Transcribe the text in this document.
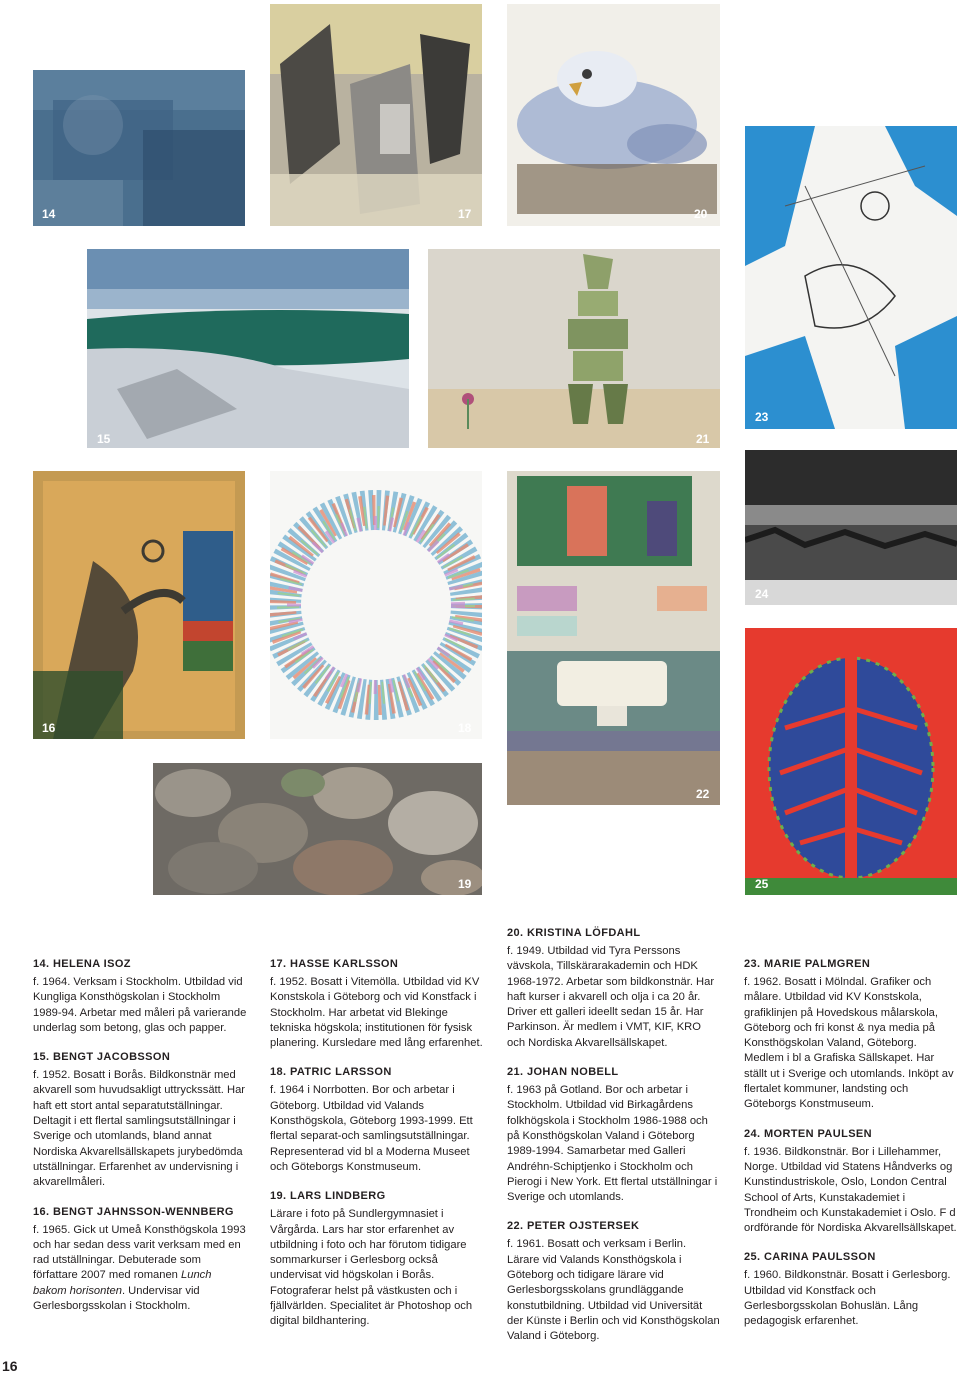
14	17	20
15	21
23
16	18
22
24
19	25
14. HELENA ISOZ

f. 1964. Verksam i Stockholm. Utbildad vid Kungliga Konsthögskolan i Stockholm 1989-94. Arbetar med måleri på varierande underlag som betong, glas och papper.

15. BENGT JACOBSSON

f. 1952. Bosatt i Borås. Bildkonstnär med akvarell som huvudsakligt uttryckssätt. Har haft ett stort antal separatutställningar. Deltagit i ett flertal samlingsutställningar i Sverige och utomlands, bland annat Nordiska Akvarellsällskapets jurybedömda utställningar. Erfarenhet av undervisning i akvarellmåleri.

16. BENGT JAHNSSON-WENNBERG

f. 1965. Gick ut Umeå Konsthögskola 1993 och har sedan dess varit verksam med en rad utställningar. Debuterade som författare 2007 med romanen Lunch bakom horisonten. Undervisar vid Gerlesborgsskolan i Stockholm.

17. HASSE KARLSSON

f. 1952. Bosatt i Vitemölla. Utbildad vid KV Konstskola i Göteborg och vid Konstfack i Stockholm. Har arbetat vid Blekinge tekniska högskola; institutionen för fysisk planering. Kursledare med lång erfarenhet.

18. PATRIC LARSSON

f. 1964 i Norrbotten. Bor och arbetar i Göteborg. Utbildad vid Valands Konsthögskola, Göteborg 1993-1999. Ett flertal separat-och samlingsutställningar. Representerad vid bl a Moderna Museet och Göteborgs Konstmuseum.

19. LARS LINDBERG

Lärare i foto på Sundlergymnasiet i Vårgårda. Lars har stor erfarenhet av utbildning i foto och har förutom tidigare sommarkurser i Gerlesborg också undervisat vid högskolan i Borås. Fotograferar helst på västkusten och i fjällvärlden. Specialitet är Photoshop och digital bildhantering.

20. KRISTINA LÖFDAHL

f. 1949. Utbildad vid Tyra Perssons vävskola, Tillskärarakademin och HDK 1968-1972. Arbetar som bildkonstnär. Har haft kurser i akvarell och olja i ca 20 år. Driver ett galleri ideellt sedan 15 år. Har Parkinson. Är medlem i VMT, KIF, KRO och Nordiska Akvarellsällskapet.

21. JOHAN NOBELL

f. 1963 på Gotland. Bor och arbetar i Stockholm. Utbildad vid Birkagårdens folkhögskola i Stockholm 1986-1988 och på Konsthögskolan Valand i Göteborg 1989-1994. Samarbetar med Galleri Andréhn-Schiptjenko i Stockholm och Pierogi i New York. Ett flertal utställningar i Sverige och utomlands.

22. PETER OJSTERSEK

f. 1961. Bosatt och verksam i Berlin. Lärare vid Valands Konsthögskola i Göteborg och tidigare lärare vid Gerlesborgsskolans grundläggande konstutbildning. Utbildad vid Universität der Künste i Berlin och vid Konsthögskolan Valand i Göteborg.

23. MARIE PALMGREN

f. 1962. Bosatt i Mölndal. Grafiker och målare. Utbildad vid KV Konstskola, grafiklinjen på Hovedskous målarskola, Göteborg och fri konst & nya media på Konsthögskolan Valand, Göteborg. Medlem i bl a Grafiska Sällskapet. Har ställt ut i Sverige och utomlands. Inköpt av flertalet kommuner, landsting och Göteborgs Konstmuseum.

24. MORTEN PAULSEN

f. 1936. Bildkonstnär. Bor i Lillehammer, Norge. Utbildad vid Statens Håndverks og Kunstindustriskole, Oslo, London Central School of Arts, Kunstakademiet i Trondheim och Kunstakademiet i Oslo. F d ordförande för Nordiska Akvarellsällskapet.

25. CARINA PAULSSON

f. 1960. Bildkonstnär. Bosatt i Gerlesborg. Utbildad vid Konstfack och Gerlesborgsskolan Bohuslän. Lång pedagogisk erfarenhet.

16
